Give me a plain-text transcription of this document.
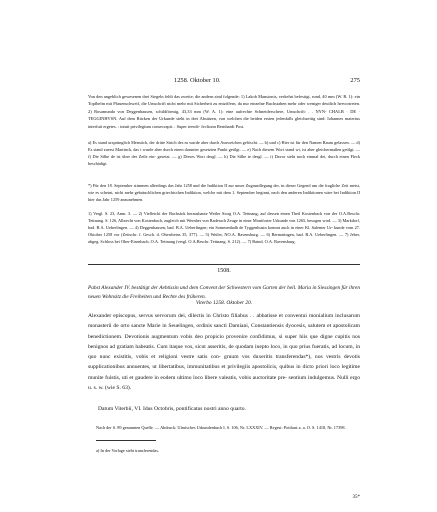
1258. Oktober 10.	275

Von den angeblich gewesenen drei Siegeln fehlt das zweite; die andern sind folgende: 1) Lakob Mansionis, verkehrt befestigt, rund, 40 mm (W. B. 1): ein Topfhelm mit Pfauenschweif, die Umschrift nicht mehr mit Sicherheit zu entziffern, da nur einzelne Buchstaben mehr oder weniger deutlich hervortreten. 2) Rosamunda von Deggenhausen, schildförmig, 43,33 mm (W. A. 1): eine aufrechte Schneiderschere, Umschrift: . . NYN- CHALB · DE · TEGGINHVSN. Auf dem Rücken der Urkunde steht in drei Absätzen, von welchen die beiden ersten jedenfalls gleichzeitig sind: Iohannes materius interfuit ergetes. : intuit privilegium consecrapit. : Super teeodi- fecfionn Bernhardi Post.

a) Es stand ursprünglich Menstich, der dritte Strich des m wurde aber durch Ausweichen gelöscht. — b) und c) Hier ist für den Namen Raum gelassen. — d) Es stand zuerst Martinch, das t wurde aber durch einen darunter gesetzten Punkt getilgt. — e) Nach diesem Wort stand wi, ist aber gleichermaßen getilgt. — f) Die Silbe de ist über der Zeile ein- gesetzt. — g) Dieses Wort desgl. — h) Die Silbe te desgl. — i) Davor steht noch einmal dei, durch einen Fleck beschädigt.

*) Für den 18. September stimmen allerdings das Jahr 1258 und die Indiktion II zur unser Zugrundlegung der, in dieser Gegend um die fragliche Zeit meist, wie es scheint, nicht mehr gebräuchlichen griechischen Indiktion, welche mit dem 1. September beginnt, nach den anderen Indiktionen wäre bei Indiktion II hier das Jahr 1259 anzunehmen.

1) Vergl. S. 23, Anm. 3. — 2) Vielleicht der Bachsäck herausbaute Weiler Storg O.A. Tettnang, auf dessen einen Theil Kostenbach von der O.A.Beschr. Tettnang. S. 126, Albrecht von Kostenbach, zugleich mit Wernher von Raderach Zeuge in einer Montforter Urkunde von 1265, besogen wird. — 3) Markdorf, bad. B.A. Ueberlingen. — 4) Deggenhausen, bad. B.A. Ueberlingen; ein Sommenhalb de Tyggenhusin kommt auch in einer Kl. Salemer Ur- kunde vom 27. Oktober 1258 vor (Zeitschr. f. Gesch. d. Oberrheins 35, 377). — 5) Weiler, NO.A. Ravensburg. — 6) Bermatingen, bad. B.A. Ueberlingen. — 7) Jeber, abgeg. Schloss bei Ober-Eisenbach, O.A. Tettnang (vergl. O.A.Beschr. Tettnang. S. 212). — 7) Baind, O.A. Ravensburg.

1508.

Pabst Alexander IV. bestätigt der Aebtissin und dem Convent der Schwestern vom Garten der heil. Maria in Siessingen für ihren neuen Wohnsitz die Freiheiten und Rechte des früheren.

Viterbo 1258. Oktober 20.

Alexander episcopus, servus servorum dei, dilectis in Christo filiabus . . abbatisse et conventui monialium inclusarum monasterii de orto sancte Marie in Seuelingen, ordinis sancti Damiani, Constantiensis dyocesis, salutem et apostolicam benedictionem. Devotionis augmentum vobis deo propicio provenire confidimus, si super hiis que digne cupitis nos benignos ad gratiam habeatis. Cum itaque vos, sicut asseritis, de quodam inepto loco, in quo prius fueratis, ad locum, in quo nunc existitis, vobis et religioni vestre satis con- gruum vos duxeritis transferendas*), nos vestris devotis supplicationibus annuentes, ut libertatibus, immunitatibus et privilegiis apostolicis, quibus in dicto priori loco legitime munite fuistis, uti et gaudere in eodem ultimo loco libere valeatis, vobis auctoritate pre- sentium indulgemus. Nulli ergo u. s. w. (wie S. 63).

Datum Viterbii, VI. Idus Octobris, pontificatus nostri anno quarto.

Nach der S. 89 genannten Quelle. — Abdruck: Ulmisches Urkundenbuch I, S. 106, Nr. LXXXIV. — Regest: Potthast a. a. O. S. 1418, Nr. 17398.

a) In der Vorlage steht transferendas.

35*
